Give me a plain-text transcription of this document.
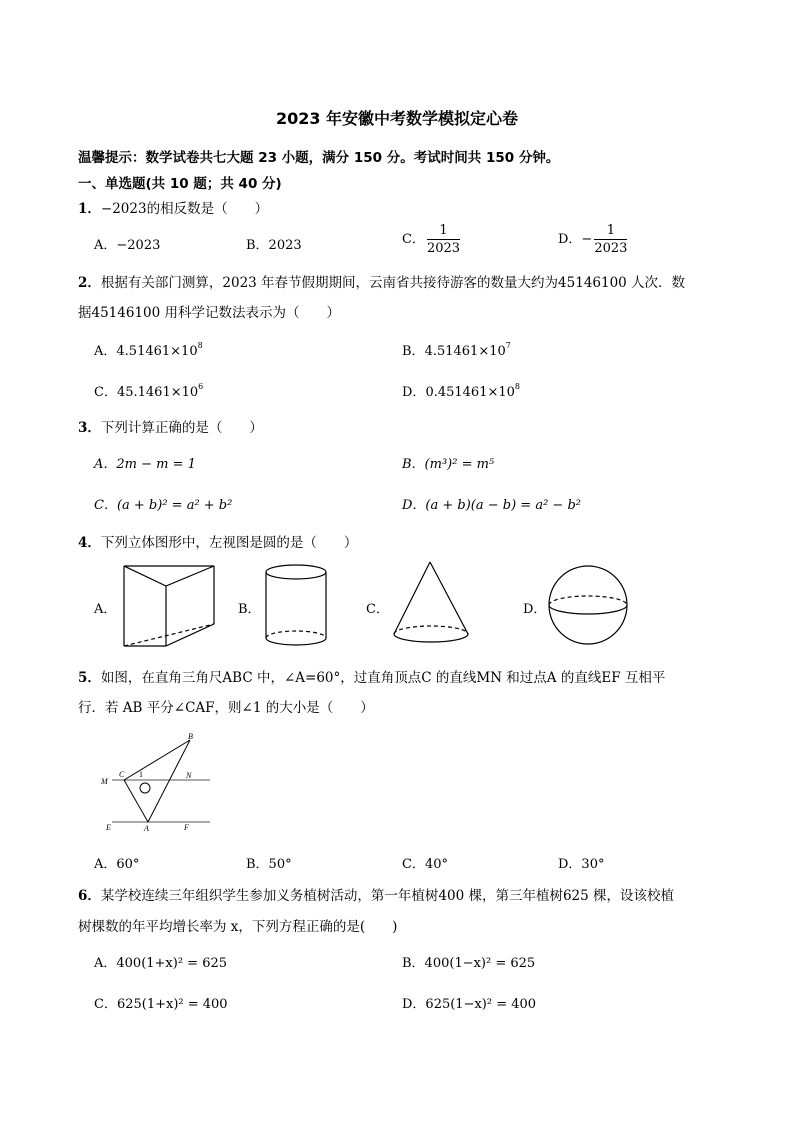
2023 年安徽中考数学模拟定心卷
温馨提示：数学试卷共七大题 23 小题，满分 150 分。考试时间共 150 分钟。
一、单选题(共 10 题；共 40 分)
1．−2023的相反数是（　　）
A．−2023	B．2023	C． $\frac{1}{2023}$	D．− $\frac{1}{2023}$
2．根据有关部门测算，2023 年春节假期期间，云南省共接待游客的数量大约为45146100 人次．数
据45146100 用科学记数法表示为（　　）
A．$4.51461\times 10^8$	B．$4.51461\times 10^7$
C．$45.1461\times 10^6$	D．$0.451461\times 10^8$
3．下列计算正确的是（　　）
A．2m − m = 1	B．(m³)² = m⁵
C．(a + b)² = a² + b²	D．(a + b)(a − b) = a² − b²
4．下列立体图形中，左视图是圆的是（　　）
A．	B．	C．	D．
5．如图，在直角三角尺ABC 中，∠A=60°，过直角顶点C 的直线MN 和过点A 的直线EF 互相平
行．若 AB 平分∠CAF，则∠1 的大小是（　　）
B
M
C 1	N
E	A	F
A．60°	B．50°	C．40°	D．30°
6．某学校连续三年组织学生参加义务植树活动，第一年植树400 棵，第三年植树625 棵，设该校植
树棵数的年平均增长率为 x，下列方程正确的是(　　)
A．400(1+x)² = 625	B．400(1−x)² = 625
C．625(1+x)² = 400	D．625(1−x)² = 400
